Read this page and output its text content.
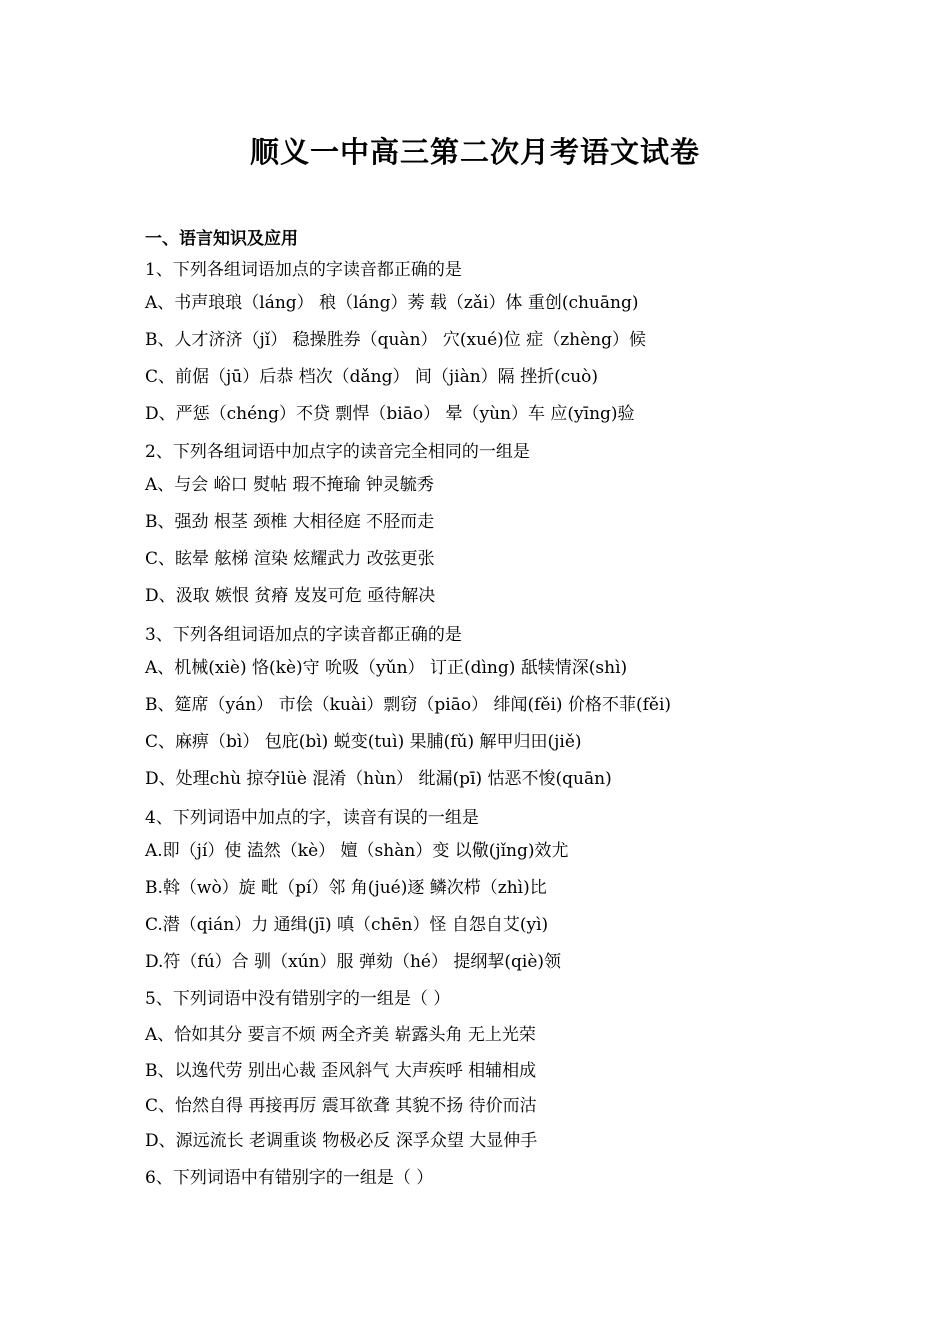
顺义一中高三第二次月考语文试卷
一、语言知识及应用
1、下列各组词语加点的字读音都正确的是
A、书声琅琅（láng） 稂（láng）莠 载（zǎi）体 重创(chuāng)
B、人才济济（jǐ） 稳操胜券（quàn） 穴(xué)位 症（zhèng）候
C、前倨（jū）后恭 档次（dǎng） 间（jiàn）隔 挫折(cuò)
D、严惩（chéng）不贷 剽悍（biāo） 晕（yùn）车 应(yīng)验
2、下列各组词语中加点字的读音完全相同的一组是
A、与会 峪口 熨帖 瑕不掩瑜 钟灵毓秀
B、强劲 根茎 颈椎 大相径庭 不胫而走
C、眩晕 舷梯 渲染 炫耀武力 改弦更张
D、汲取 嫉恨 贫瘠 岌岌可危 亟待解决
3、下列各组词语加点的字读音都正确的是
A、机械(xiè) 恪(kè)守 吮吸（yǔn） 订正(dìng) 舐犊情深(shì)
B、筵席（yán） 市侩（kuài）剽窃（piāo） 绯闻(fěi) 价格不菲(fěi)
C、麻痹（bì） 包庇(bì) 蜕变(tuì) 果脯(fǔ) 解甲归田(jiě)
D、处理chù 掠夺lüè 混淆（hùn） 纰漏(pī) 怙恶不悛(quān)
4、下列词语中加点的字，读音有误的一组是
A.即（jí）使 溘然（kè） 嬗（shàn）变 以儆(jǐng)效尤
B.斡（wò）旋 毗（pí）邻 角(jué)逐 鳞次栉（zhì)比
C.潜（qián）力 通缉(jī) 嗔（chēn）怪 自怨自艾(yì)
D.符（fú）合 驯（xún）服 弹劾（hé） 提纲挈(qiè)领
5、下列词语中没有错别字的一组是（ ）
A、恰如其分 要言不烦 两全齐美 崭露头角 无上光荣
B、以逸代劳 别出心裁 歪风斜气 大声疾呼 相辅相成
C、怡然自得 再接再厉 震耳欲聋 其貌不扬 待价而沽
D、源远流长 老调重谈 物极必反 深孚众望 大显伸手
6、下列词语中有错别字的一组是（ ）
